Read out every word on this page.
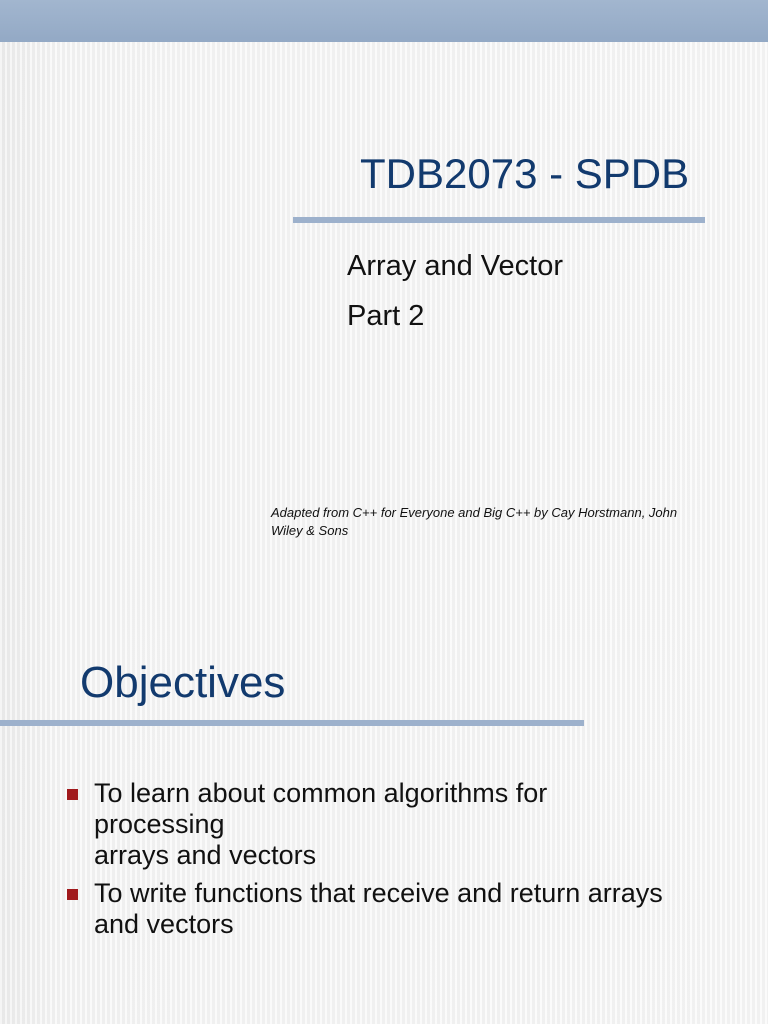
TDB2073 - SPDB
Array and Vector
Part 2
Adapted from C++ for Everyone and Big C++ by Cay Horstmann, John
Wiley & Sons
Objectives
To learn about common algorithms for
processing
arrays and vectors
To write functions that receive and return arrays
and vectors
